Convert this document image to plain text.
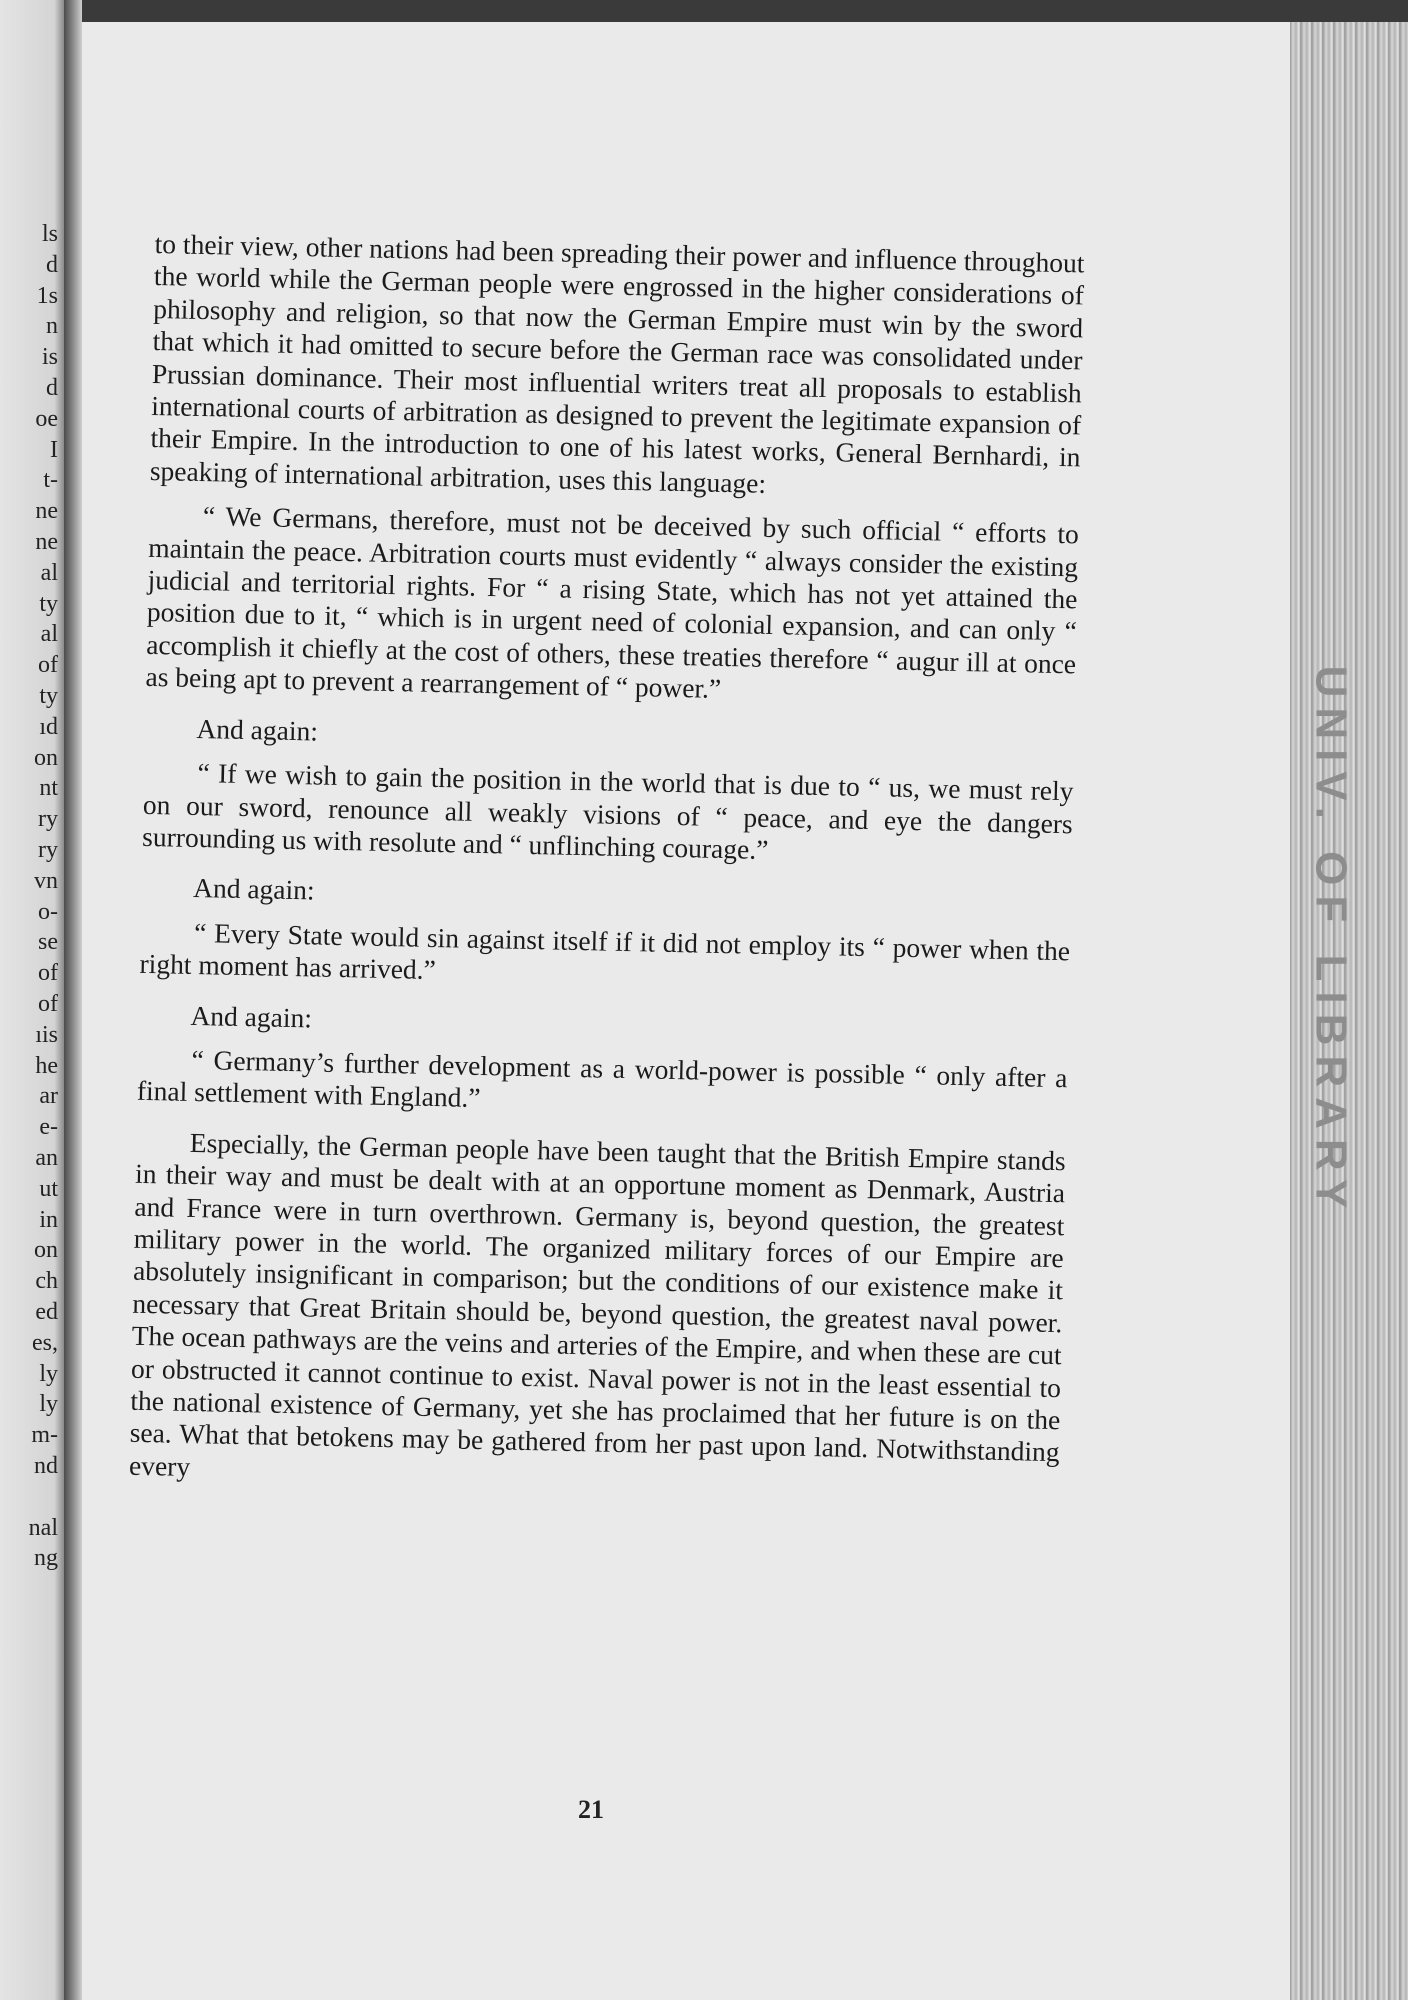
ls
d
1s
n
is
d
oe
I
t-
ne
ne
al
ty
al
of
ty
ıd
on
nt
ry
ry
vn
o-
se
of
of
ıis
he
ar
e-
an
ut
in
on
ch
ed
es,
ly
ly
m-
nd
nal
ng
UNIV. OF LIBRARY

to their view, other nations had been spreading their power and influence throughout the world while the German people were engrossed in the higher considerations of philosophy and religion, so that now the German Empire must win by the sword that which it had omitted to secure before the German race was consolidated under Prussian dominance. Their most influential writers treat all proposals to establish international courts of arbitration as designed to prevent the legitimate expansion of their Empire. In the introduction to one of his latest works, General Bernhardi, in speaking of international arbitration, uses this language:

“ We Germans, therefore, must not be deceived by such official “ efforts to maintain the peace. Arbitration courts must evidently “ always consider the existing judicial and territorial rights. For “ a rising State, which has not yet attained the position due to it, “ which is in urgent need of colonial expansion, and can only “ accomplish it chiefly at the cost of others, these treaties therefore “ augur ill at once as being apt to prevent a rearrangement of “ power.”

And again:

“ If we wish to gain the position in the world that is due to “ us, we must rely on our sword, renounce all weakly visions of “ peace, and eye the dangers surrounding us with resolute and “ unflinching courage.”

And again:

“ Every State would sin against itself if it did not employ its “ power when the right moment has arrived.”

And again:

“ Germany’s further development as a world-power is possible “ only after a final settlement with England.”

Especially, the German people have been taught that the British Empire stands in their way and must be dealt with at an opportune moment as Denmark, Austria and France were in turn overthrown. Germany is, beyond question, the greatest military power in the world. The organized military forces of our Empire are absolutely insignificant in comparison; but the conditions of our existence make it necessary that Great Britain should be, beyond question, the greatest naval power. The ocean pathways are the veins and arteries of the Empire, and when these are cut or obstructed it cannot continue to exist. Naval power is not in the least essential to the national existence of Germany, yet she has proclaimed that her future is on the sea. What that betokens may be gathered from her past upon land. Notwithstanding every

21
